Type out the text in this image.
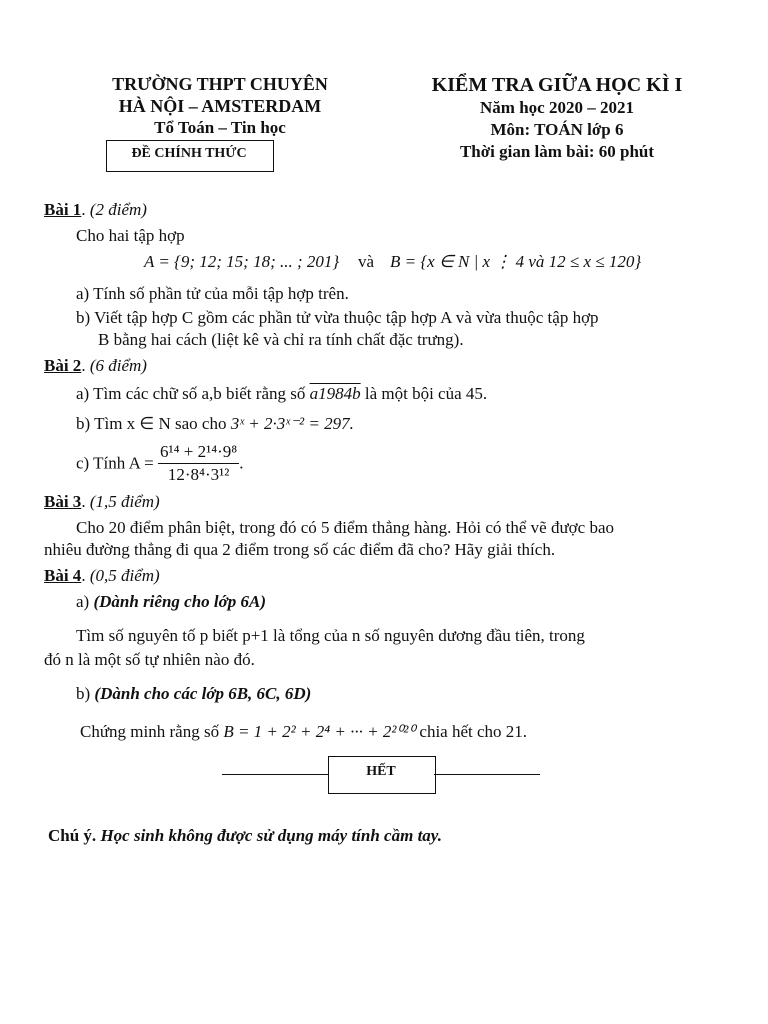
TRƯỜNG THPT CHUYÊN
HÀ NỘI – AMSTERDAM
Tổ Toán – Tin học
ĐỀ CHÍNH THỨC
KIỂM TRA GIỮA HỌC KÌ I
Năm học 2020 – 2021
Môn: TOÁN lớp 6
Thời gian làm bài: 60 phút
Bài 1. (2 điểm)
Cho hai tập hợp
A = {9; 12; 15; 18; ... ; 201} và B = {x ∈ N | x ⋮ 4 và 12 ≤ x ≤ 120}
a) Tính số phần tử của mỗi tập hợp trên.
b) Viết tập hợp C gồm các phần tử vừa thuộc tập hợp A và vừa thuộc tập hợp
B bằng hai cách (liệt kê và chỉ ra tính chất đặc trưng).
Bài 2. (6 điểm)
a) Tìm các chữ số a,b biết rằng số a1984b là một bội của 45.
b) Tìm x ∈ N sao cho 3ˣ + 2·3ˣ⁻² = 297.
c) Tính $A = \frac{\text{6¹⁴ + 2¹⁴·9⁸}}{\text{12·8⁴·3¹²}}$ .
Bài 3. (1,5 điểm)
Cho 20 điểm phân biệt, trong đó có 5 điểm thẳng hàng. Hỏi có thể vẽ được bao
nhiêu đường thẳng đi qua 2 điểm trong số các điểm đã cho? Hãy giải thích.
Bài 4. (0,5 điểm)
a) (Dành riêng cho lớp 6A)
Tìm số nguyên tố p biết p+1 là tổng của n số nguyên dương đầu tiên, trong
đó n là một số tự nhiên nào đó.
b) (Dành cho các lớp 6B, 6C, 6D)
Chứng minh rằng số B = 1 + 2² + 2⁴ + ··· + 2²⁰²⁰ chia hết cho 21.
HẾT
Chú ý. Học sinh không được sử dụng máy tính cầm tay.
